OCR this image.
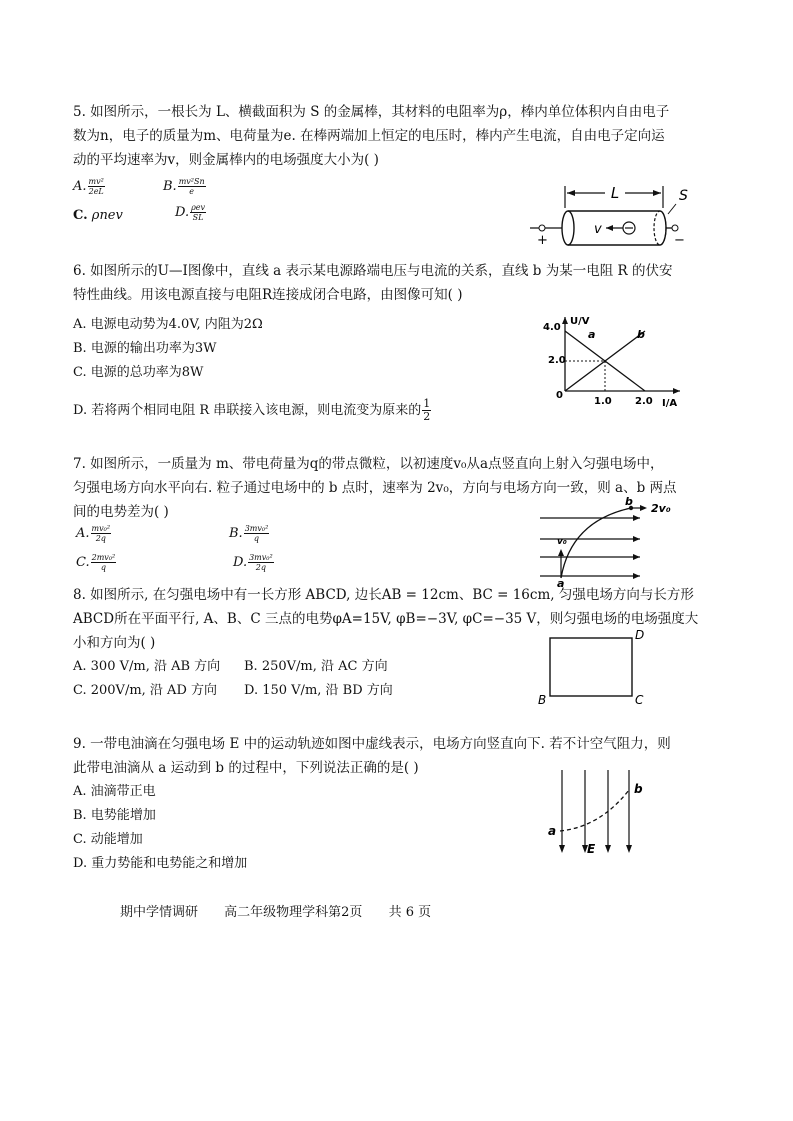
5. 如图所示，一根长为 L、横截面积为 S 的金属棒，其材料的电阻率为ρ，棒内单位体积内自由电子
数为n，电子的质量为m、电荷量为e. 在棒两端加上恒定的电压时，棒内产生电流，自由电子定向运
动的平均速率为v，则金属棒内的电场强度大小为( )
A. $\frac{\text{mv²}}{2eL}$	B. $\frac{\text{mv²Sn}}{e}$
C. ρnev	D. $\frac{\text{ρev}}{SL}$
L	S
+	−
v
6. 如图所示的U—I图像中，直线 a 表示某电源路端电压与电流的关系，直线 b 为某一电阻 R 的伏安
特性曲线。用该电源直接与电阻R连接成闭合电路，由图像可知( )
A. 电源电动势为4.0V, 内阻为2Ω
B. 电源的输出功率为3W
C. 电源的总功率为8W
D. 若将两个相同电阻 R 串联接入该电源，则电流变为原来的 $\frac{1}{2}$
U/V
I/A
4.0
2.0
0
1.0 2.0
a	b
7. 如图所示，一质量为 m、带电荷量为q的带点微粒，以初速度v₀从a点竖直向上射入匀强电场中，
匀强电场方向水平向右. 粒子通过电场中的 b 点时，速率为 2v₀，方向与电场方向一致，则 a、b 两点
间的电势差为( )
A. $\frac{\text{mv₀²}}{2q}$	B. $\frac{\text{3mv₀²}}{q}$
C. $\frac{\text{2mv₀²}}{q}$	D. $\frac{\text{3mv₀²}}{2q}$
b
2v₀
v₀
a
8. 如图所示, 在匀强电场中有一长方形 ABCD, 边长AB = 12cm、BC = 16cm, 匀强电场方向与长方形
ABCD所在平面平行, A、B、C 三点的电势φA=15V, φB=−3V, φC=−35 V，则匀强电场的电场强度大
小和方向为( )
A. 300 V/m, 沿 AB 方向 B. 250V/m, 沿 AC 方向
C. 200V/m, 沿 AD 方向 D. 150 V/m, 沿 BD 方向
D
B	C
9. 一带电油滴在匀强电场 E 中的运动轨迹如图中虚线表示，电场方向竖直向下. 若不计空气阻力，则
此带电油滴从 a 运动到 b 的过程中，下列说法正确的是( )
A. 油滴带正电
B. 电势能增加
C. 动能增加
D. 重力势能和电势能之和增加
a
b
E
期中学情调研 高二年级物理学科第2页 共 6 页
